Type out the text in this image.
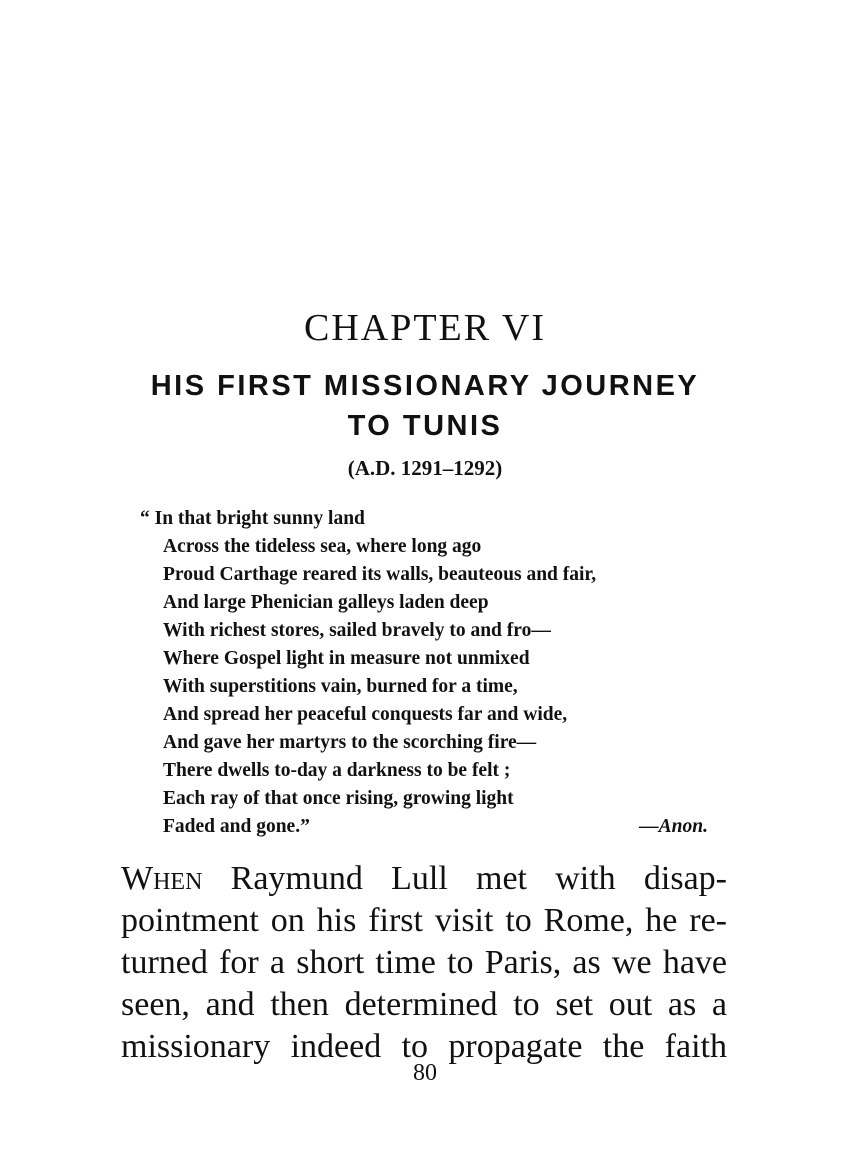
CHAPTER VI
HIS FIRST MISSIONARY JOURNEY
TO TUNIS

(A.D. 1291–1292)

“ In that bright sunny land
Across the tideless sea, where long ago
Proud Carthage reared its walls, beauteous and fair,
And large Phenician galleys laden deep
With richest stores, sailed bravely to and fro—
Where Gospel light in measure not unmixed
With superstitions vain, burned for a time,
And spread her peaceful conquests far and wide,
And gave her martyrs to the scorching fire—
There dwells to-day a darkness to be felt ;
Each ray of that once rising, growing light
Faded and gone.”	—Anon.
When Raymund Lull met with disap-
pointment on his first visit to Rome, he re-
turned for a short time to Paris, as we have
seen, and then determined to set out as a
missionary indeed to propagate the faith

80
